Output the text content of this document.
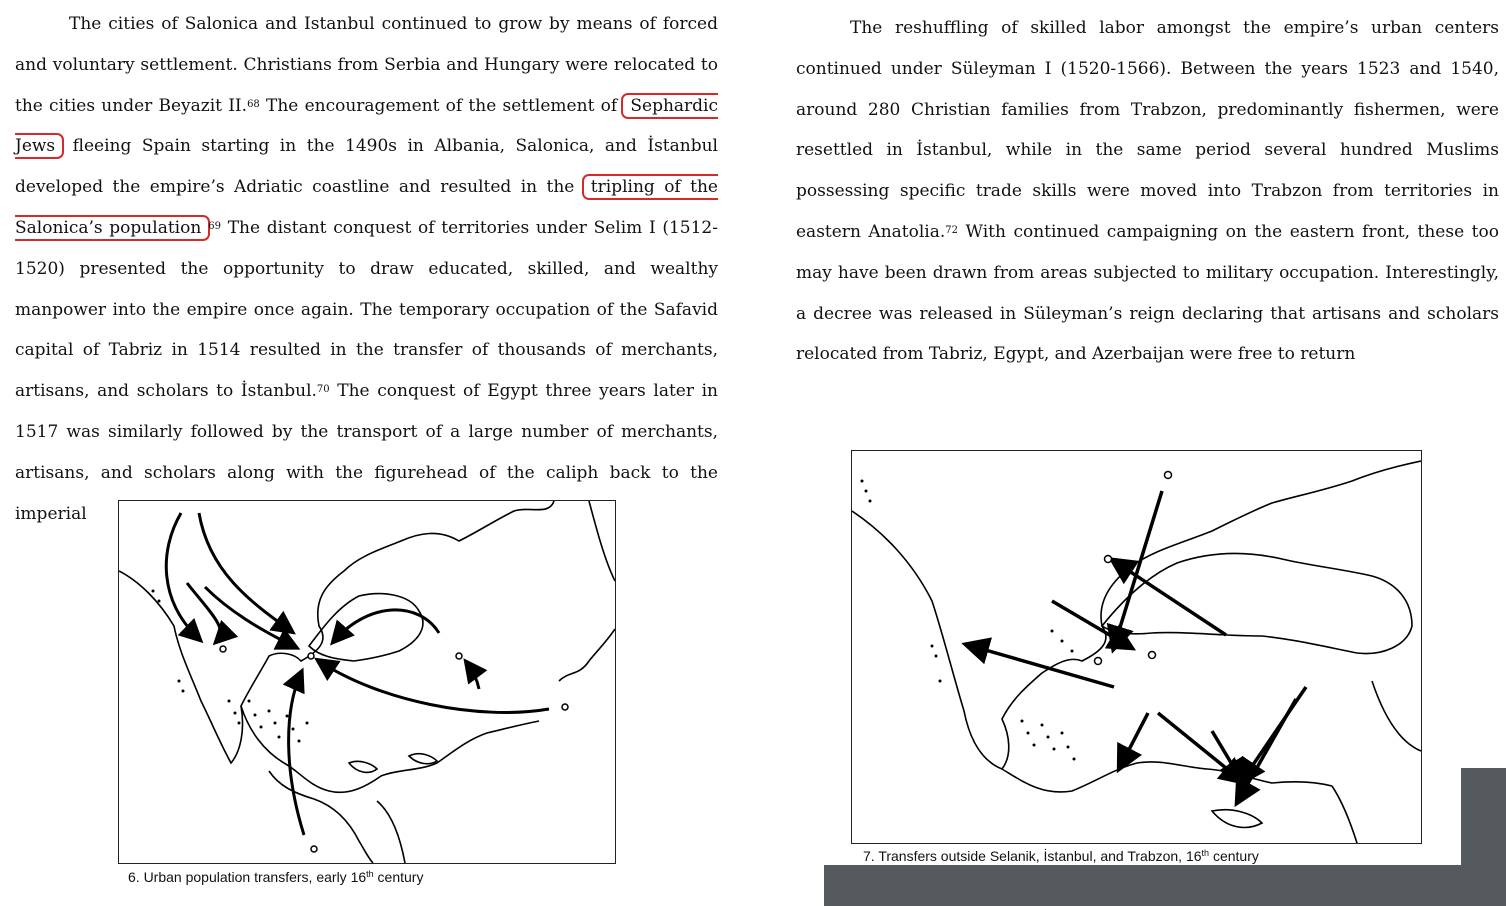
The cities of Salonica and Istanbul continued to grow by means of forced and voluntary settlement. Christians from Serbia and Hungary were relocated to the cities under Beyazit II.$^{68}$ The encouragement of the settlement of Sephardic Jews fleeing Spain starting in the 1490s in Albania, Salonica, and İstanbul developed the empire’s Adriatic coastline and resulted in the tripling of the Salonica’s population $^{69}$ The distant conquest of territories under Selim I (1512-1520) presented the opportunity to draw educated, skilled, and wealthy manpower into the empire once again. The temporary occupation of the Safavid capital of Tabriz in 1514 resulted in the transfer of thousands of merchants, artisans, and scholars to İstanbul.$^{70}$ The conquest of Egypt three years later in 1517 was similarly followed by the transport of a large number of merchants, artisans, and scholars along with the figurehead of the caliph back to the imperial

The reshuffling of skilled labor amongst the empire’s urban centers continued under Süleyman I (1520-1566). Between the years 1523 and 1540, around 280 Christian families from Trabzon, predominantly fishermen, were resettled in İstanbul, while in the same period several hundred Muslims possessing specific trade skills were moved into Trabzon from territories in eastern Anatolia.$^{72}$ With continued campaigning on the eastern front, these too may have been drawn from areas subjected to military occupation. Interestingly, a decree was released in Süleyman’s reign declaring that artisans and scholars relocated from Tabriz, Egypt, and Azerbaijan were free to return

6. Urban population transfers, early 16th century
7. Transfers outside Selanik, İstanbul, and Trabzon, 16th century
